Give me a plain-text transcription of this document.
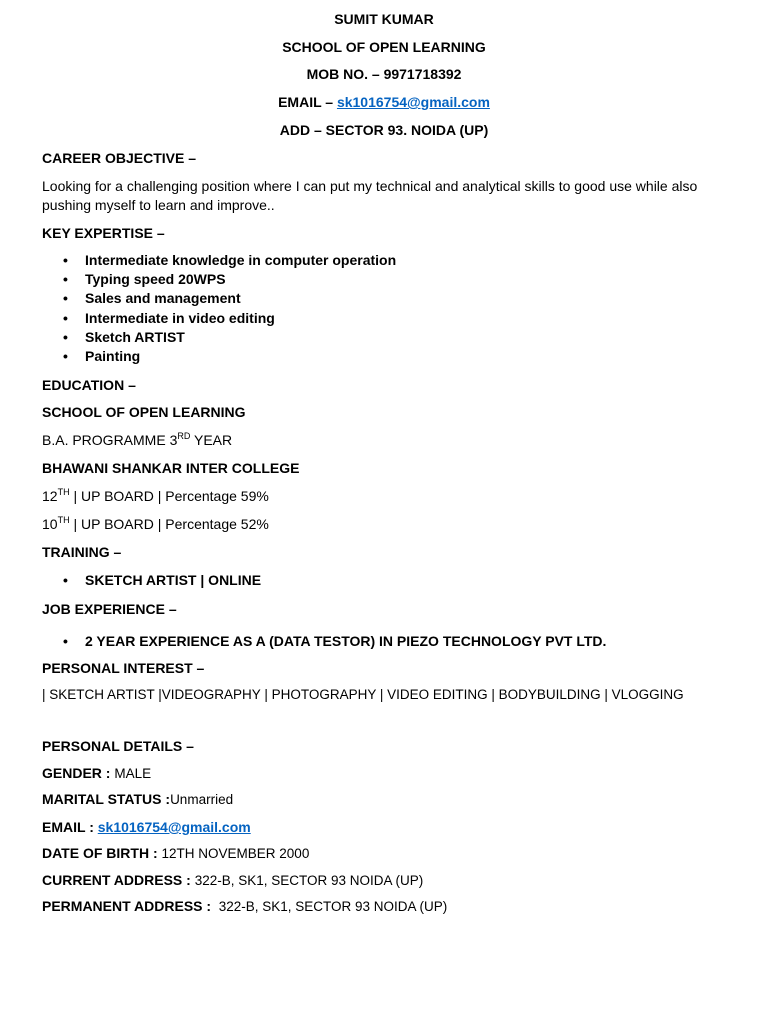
SUMIT KUMAR
SCHOOL OF OPEN LEARNING
MOB NO. – 9971718392
EMAIL – sk1016754@gmail.com
ADD – SECTOR 93. NOIDA (UP)
CAREER OBJECTIVE –
Looking for a challenging position where I can put my technical and analytical skills to good use while also
pushing myself to learn and improve..
KEY EXPERTISE –
• Intermediate knowledge in computer operation
• Typing speed 20WPS
• Sales and management
• Intermediate in video editing
• Sketch ARTIST
• Painting
EDUCATION –
SCHOOL OF OPEN LEARNING
B.A. PROGRAMME 3RD YEAR
BHAWANI SHANKAR INTER COLLEGE
12TH | UP BOARD | Percentage 59%
10TH | UP BOARD | Percentage 52%
TRAINING –
• SKETCH ARTIST | ONLINE
JOB EXPERIENCE –
• 2 YEAR EXPERIENCE AS A (DATA TESTOR) IN PIEZO TECHNOLOGY PVT LTD.
PERSONAL INTEREST –
| SKETCH ARTIST |VIDEOGRAPHY | PHOTOGRAPHY | VIDEO EDITING | BODYBUILDING | VLOGGING
PERSONAL DETAILS –
GENDER : MALE
MARITAL STATUS :Unmarried
EMAIL : sk1016754@gmail.com
DATE OF BIRTH : 12TH NOVEMBER 2000
CURRENT ADDRESS : 322-B, SK1, SECTOR 93 NOIDA (UP)
PERMANENT ADDRESS :  322-B, SK1, SECTOR 93 NOIDA (UP)
